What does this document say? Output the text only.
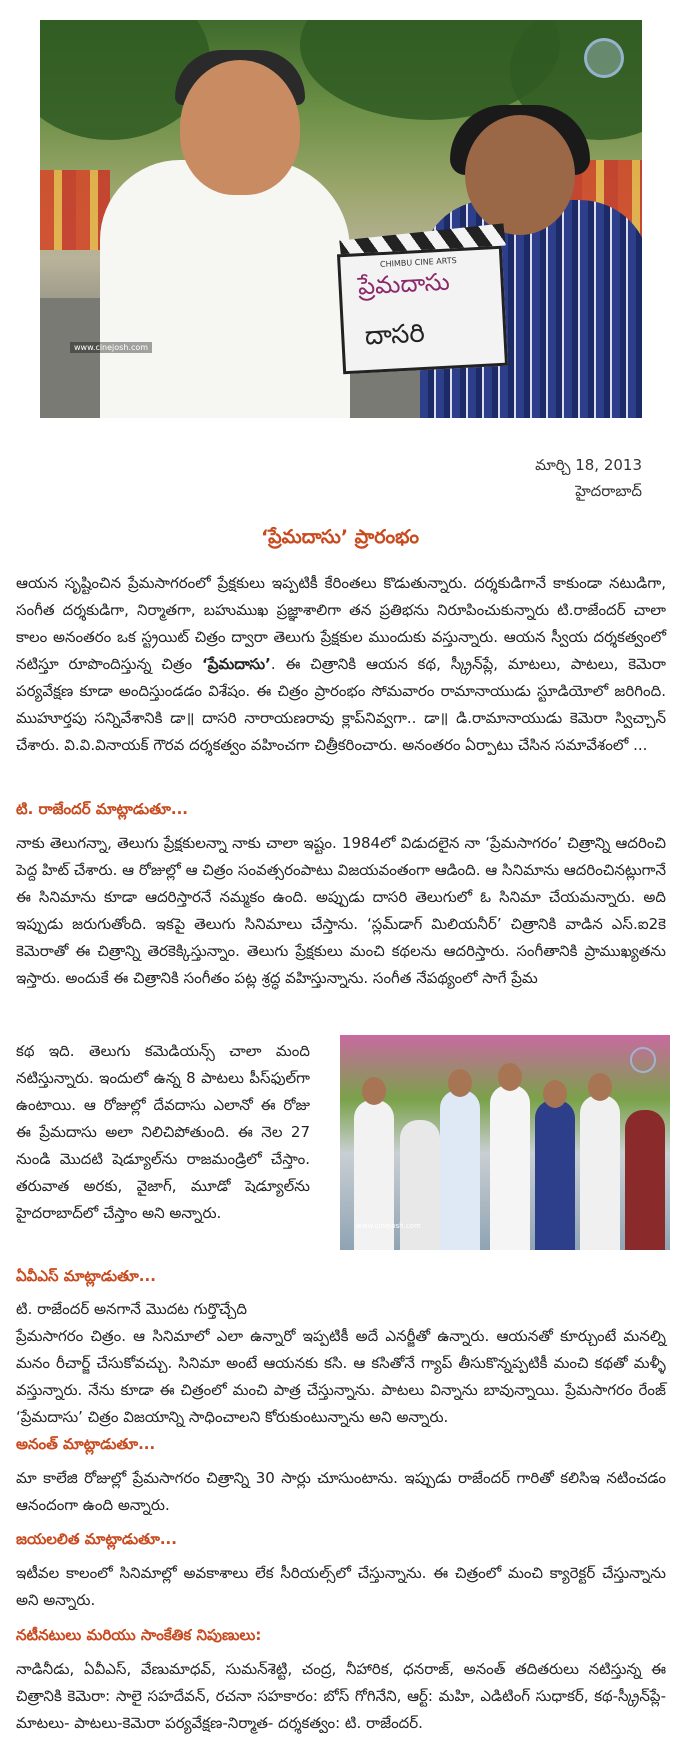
CHIMBU CINE ARTS
ప్రేమదాసు
దాసరి
www.cinejosh.com
మార్చి 18, 2013
హైదరాబాద్
‘ప్రేమదాసు’ ప్రారంభం
ఆయన సృష్టించిన ప్రేమసాగరంలో ప్రేక్షకులు ఇప్పటికీ కేరింతలు కొడుతున్నారు. దర్శకుడిగానే కాకుండా నటుడిగా, సంగీత దర్శకుడిగా, నిర్మాతగా, బహుముఖ ప్రజ్ఞాశాలిగా తన ప్రతిభను నిరూపించుకున్నారు టి.రాజేందర్ చాలా కాలం అనంతరం ఒక స్ట్రయిట్ చిత్రం ద్వారా తెలుగు ప్రేక్షకుల ముందుకు వస్తున్నారు. ఆయన స్వీయ దర్శకత్వంలో నటిస్తూ రూపొందిస్తున్న చిత్రం ‘ప్రేమదాసు’. ఈ చిత్రానికి ఆయన కథ, స్క్రీన్‌ప్లే, మాటలు, పాటలు, కెమెరా పర్యవేక్షణ కూడా అందిస్తుండడం విశేషం. ఈ చిత్రం ప్రారంభం సోమవారం రామానాయుడు స్టూడియోలో జరిగింది. ముహూర్తపు సన్నివేశానికి డా॥ దాసరి నారాయణరావు క్లాప్‌నివ్వగా.. డా॥ డి.రామానాయుడు కెమెరా స్విచ్చాన్ చేశారు. వి.వి.వినాయక్ గౌరవ దర్శకత్వం వహించగా చిత్రీకరించారు. అనంతరం ఏర్పాటు చేసిన సమావేశంలో ...
టి. రాజేందర్ మాట్లాడుతూ...
నాకు తెలుగన్నా, తెలుగు ప్రేక్షకులన్నా నాకు చాలా ఇష్టం. 1984లో విడుదలైన నా ‘ప్రేమసాగరం’ చిత్రాన్ని ఆదరించి పెద్ద హిట్ చేశారు. ఆ రోజుల్లో ఆ చిత్రం సంవత్సరంపాటు విజయవంతంగా ఆడింది. ఆ సినిమాను ఆదరించినట్లుగానే ఈ సినిమాను కూడా ఆదరిస్తారనే నమ్మకం ఉంది. అప్పుడు దాసరి తెలుగులో ఓ సినిమా చేయమన్నారు. అది ఇప్పుడు జరుగుతోంది. ఇకపై తెలుగు సినిమాలు చేస్తాను. ‘స్లమ్‌డాగ్ మిలియనీర్’ చిత్రానికి వాడిన ఎస్.ఐ2కె కెమెరాతో ఈ చిత్రాన్ని తెరకెక్కిస్తున్నాం. తెలుగు ప్రేక్షకులు మంచి కథలను ఆదరిస్తారు. సంగీతానికి ప్రాముఖ్యతను ఇస్తారు. అందుకే ఈ చిత్రానికి సంగీతం పట్ల శ్రద్ధ వహిస్తున్నాను. సంగీత నేపథ్యంలో సాగే ప్రేమ
కథ ఇది. తెలుగు కమెడియన్స్ చాలా మంది నటిస్తున్నారు. ఇందులో ఉన్న 8 పాటలు పీస్‌ఫుల్‌గా ఉంటాయి. ఆ రోజుల్లో దేవదాసు ఎలానో ఈ రోజు ఈ ప్రేమదాసు అలా నిలిచిపోతుంది. ఈ నెల 27 నుండి మొదటి షెడ్యూల్‌ను రాజమండ్రిలో చేస్తాం. తరువాత అరకు, వైజాగ్, మూడో షెడ్యూల్‌ను హైదరాబాద్‌లో చేస్తాం అని అన్నారు.
www.cinejosh.com
ఏవీఎస్ మాట్లాడుతూ...
టి. రాజేందర్ అనగానే మొదట గుర్తొచ్చేది
ప్రేమసాగరం చిత్రం. ఆ సినిమాలో ఎలా ఉన్నారో ఇప్పటికీ అదే ఎనర్జీతో ఉన్నారు. ఆయనతో కూర్చుంటే మనల్ని మనం రీచార్జ్ చేసుకోవచ్చు. సినిమా అంటే ఆయనకు కసి. ఆ కసితోనే గ్యాప్ తీసుకొన్నప్పటికీ మంచి కథతో మళ్ళీ వస్తున్నారు. నేను కూడా ఈ చిత్రంలో మంచి పాత్ర చేస్తున్నాను. పాటలు విన్నాను బావున్నాయి. ప్రేమసాగరం రేంజ్ ‘ప్రేమదాసు’ చిత్రం విజయాన్ని సాధించాలని కోరుకుంటున్నాను అని అన్నారు.
అనంత్ మాట్లాడుతూ...
మా కాలేజి రోజుల్లో ప్రేమసాగరం చిత్రాన్ని 30 సార్లు చూసుంటాను. ఇప్పుడు రాజేందర్ గారితో కలిసిఇ నటించడం ఆనందంగా ఉంది అన్నారు.
జయలలిత మాట్లాడుతూ...
ఇటీవల కాలంలో సినిమాల్లో అవకాశాలు లేక సీరియల్స్‌లో చేస్తున్నాను. ఈ చిత్రంలో మంచి క్యారెక్టర్ చేస్తున్నాను అని అన్నారు.
నటీనటులు మరియు సాంకేతిక నిపుణులు:
నాడినీడు, ఏవీఎస్, వేణుమాధవ్, సుమన్‌శెట్టి, చంద్ర, నీహారిక, ధనరాజ్, అనంత్ తదితరులు నటిస్తున్న ఈ చిత్రానికి కెమెరా: సాలై సహదేవన్, రచనా సహకారం: బోస్ గోగినేని, ఆర్ట్: మహి, ఎడిటింగ్ సుధాకర్, కథ-స్క్రీన్‌ప్లే-మాటలు- పాటలు-కెమెరా పర్యవేక్షణ-నిర్మాత- దర్శకత్వం: టి. రాజేందర్.
